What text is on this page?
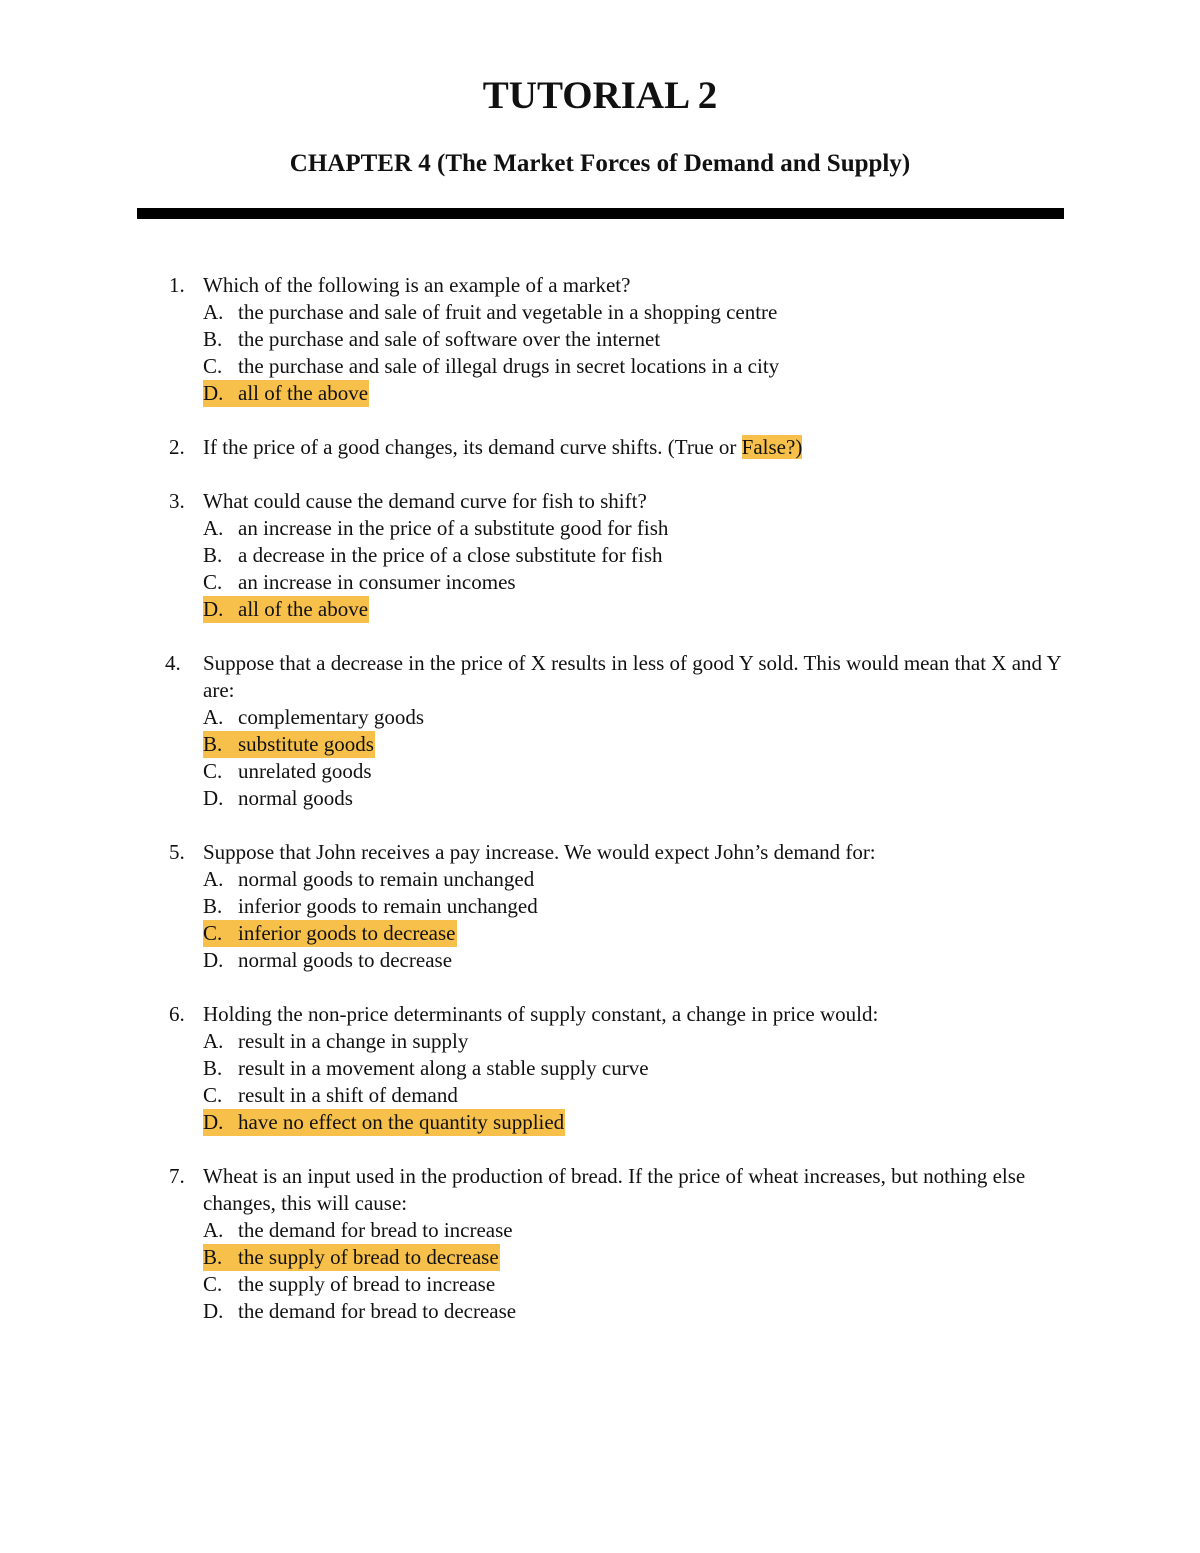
TUTORIAL 2
CHAPTER 4 (The Market Forces of Demand and Supply)
1. Which of the following is an example of a market?
A. the purchase and sale of fruit and vegetable in a shopping centre
B. the purchase and sale of software over the internet
C. the purchase and sale of illegal drugs in secret locations in a city
D. all of the above
2. If the price of a good changes, its demand curve shifts. (True or False?)
3. What could cause the demand curve for fish to shift?
A. an increase in the price of a substitute good for fish
B. a decrease in the price of a close substitute for fish
C. an increase in consumer incomes
D. all of the above
4. Suppose that a decrease in the price of X results in less of good Y sold. This would mean that X and Y are:
A. complementary goods
B. substitute goods
C. unrelated goods
D. normal goods
5. Suppose that John receives a pay increase. We would expect John’s demand for:
A. normal goods to remain unchanged
B. inferior goods to remain unchanged
C. inferior goods to decrease
D. normal goods to decrease
6. Holding the non-price determinants of supply constant, a change in price would:
A. result in a change in supply
B. result in a movement along a stable supply curve
C. result in a shift of demand
D. have no effect on the quantity supplied
7. Wheat is an input used in the production of bread. If the price of wheat increases, but nothing else changes, this will cause:
A. the demand for bread to increase
B. the supply of bread to decrease
C. the supply of bread to increase
D. the demand for bread to decrease
